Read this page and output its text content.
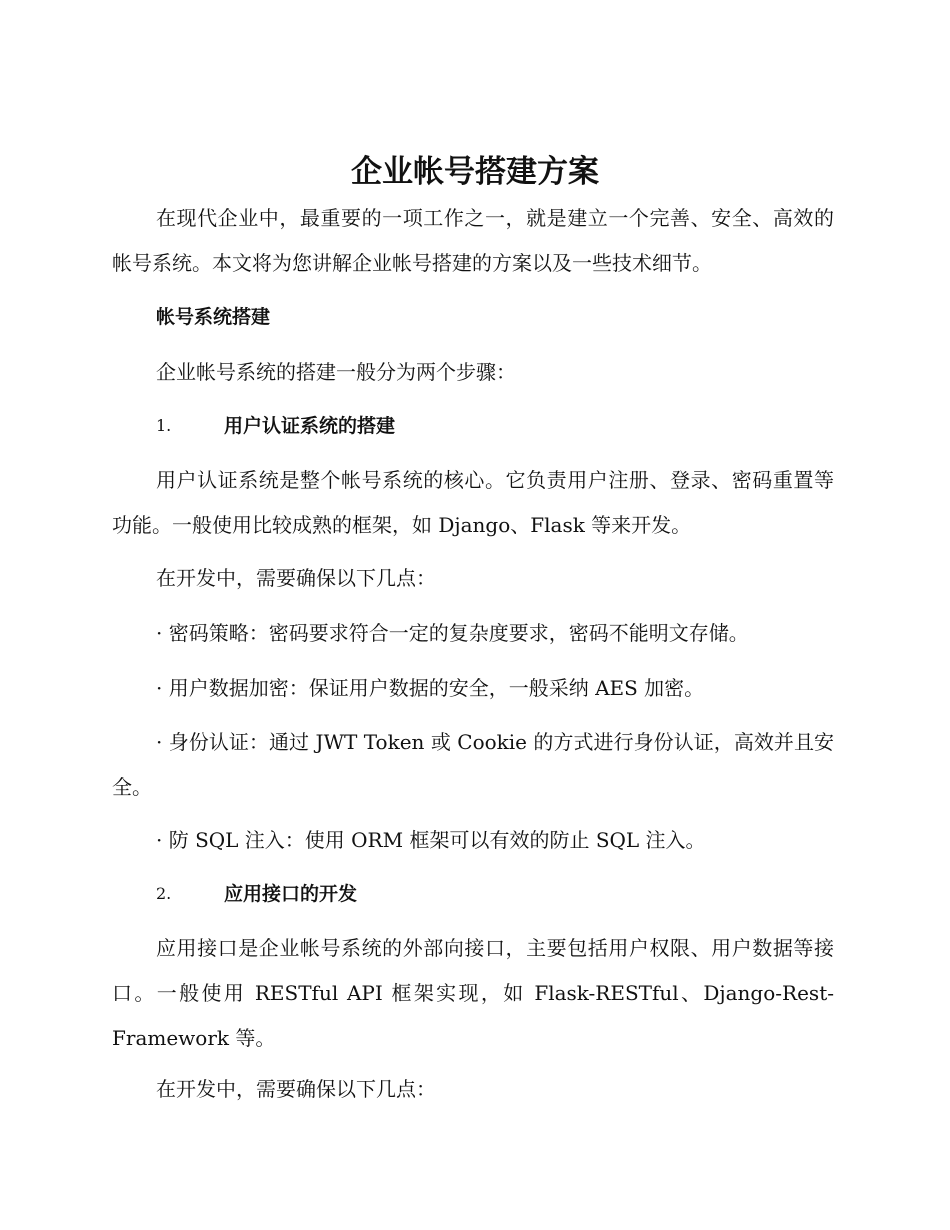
企业帐号搭建方案

在现代企业中，最重要的一项工作之一，就是建立一个完善、安全、高效的帐号系统。本文将为您讲解企业帐号搭建的方案以及一些技术细节。

帐号系统搭建

企业帐号系统的搭建一般分为两个步骤：

1.	用户认证系统的搭建

用户认证系统是整个帐号系统的核心。它负责用户注册、登录、密码重置等功能。一般使用比较成熟的框架，如 Django、Flask 等来开发。

在开发中，需要确保以下几点：

· 密码策略：密码要求符合一定的复杂度要求，密码不能明文存储。

· 用户数据加密：保证用户数据的安全，一般采纳 AES 加密。

· 身份认证：通过 JWT Token 或 Cookie 的方式进行身份认证，高效并且安全。

· 防 SQL 注入：使用 ORM 框架可以有效的防止 SQL 注入。

2.	应用接口的开发

应用接口是企业帐号系统的外部向接口，主要包括用户权限、用户数据等接口。一般使用 RESTful API 框架实现，如 Flask-RESTful、Django-Rest-Framework 等。

在开发中，需要确保以下几点：
